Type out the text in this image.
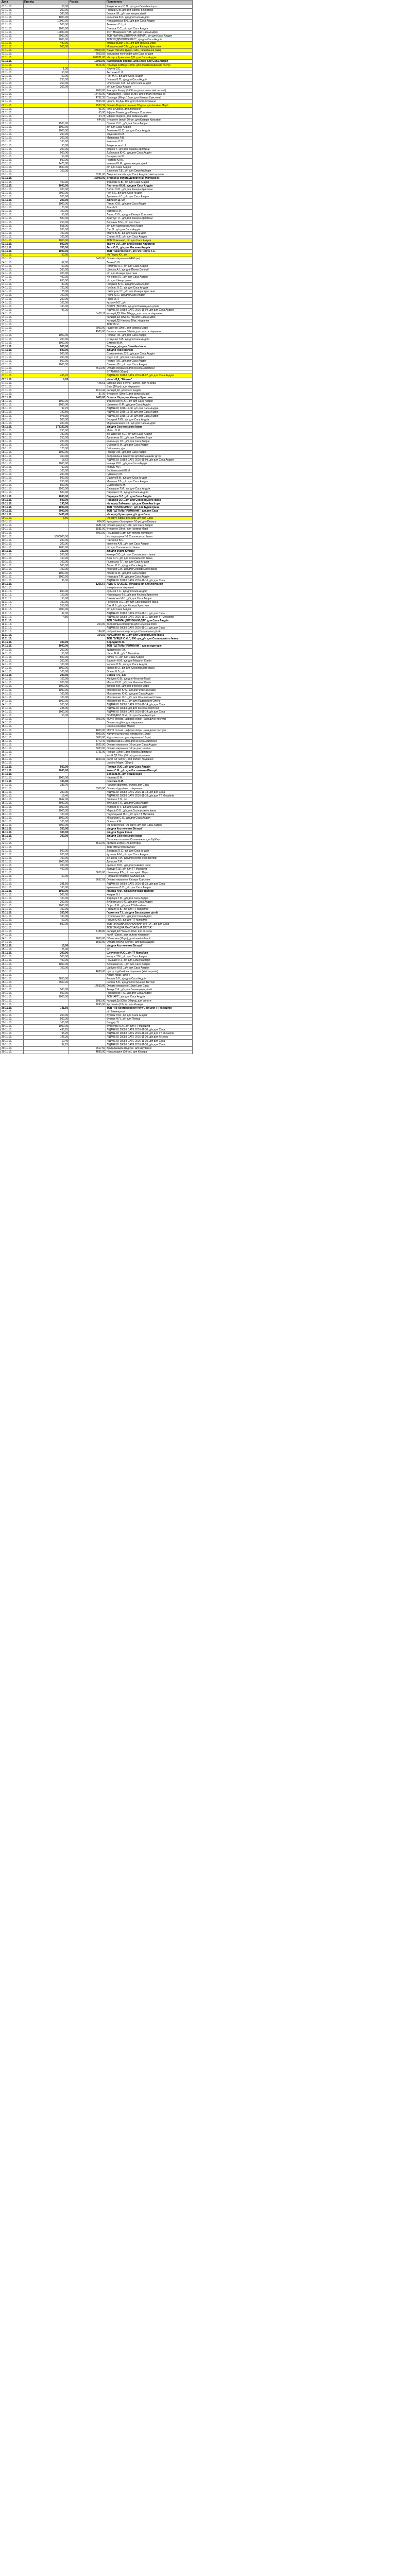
Дата	Прихід	Розхід	Пояснення
01.11.16.	50,00		Разумовська Ю.П., д/п для Семейка Ігоря
01.11.16.	200,00		Гавриш О.В. д/п для сирітки Бібліотеки
01.11.16.	300,00		Бевзюк І.В., д/п для хворих дітей
01.11.16.	4000,00		Копилова Ю.І., д/п для Саса Андрія
01.11.16.	10000,00		Недашківська В.Ф., д/п для Саса Андрія
01.11.16.	500,00		Ткаченко С.І., д/п
01.11.16.	1000,00		Смешок С.С., д/п для Саса Андрія
01.11.16.	10000,00		ФОП Назаренко Н.Н., д/п для Саса Андрія
01.11.16.	5000,00		ТОВ "ФАРМАЦЕВТИЧНА ФІРМА", д/п для Саса Андрія
01.11.16.	1000,00		ТОВ "БУДПРОМСЕРВІС", д/п для Саса Андрія
01.11.16.	490,00		Мокшанський С.М., д/п для Ізюміна Марії
01.11.16.	500,00		Мокшанський С.М., д/п для Кінзера Христини
01.11.16.		25500,00	Вакуні Наталія Дудос, ОАС, (придбання ліків)
01.11.16.		2020,02	кольорова поліграфія для Саса Андрія
01.11.16.		262021,00	ч/з карту Кузнєцова Д.В. для Саса Андрія
01.11.16.		10000,00	Карбоновий ковпак 10без ліків для Саса Андрія
01.11.16.		5515,00	Прилади 10Мінус 10грн, для оплати медичних послуг
01.11.16.	1,00		Ильчук О.С.
02.11.16.	50,00		Тесленко Н.Л.
02.11.16.	50,00		Пин М.Л., д/п для Саса Андрія
02.11.16.	250,00		Гладиш В.П., д/п для Саса Андрія
02.11.16.	250,00		Олексієнко Т.М., д/п для Саса Андрія
02.11.16.	200,00		д/п для Саса Андрія
02.11.16.		1600,00	Розподіл Фонду (1600грн для оплати хіміотерапії)
02.11.16.		14443,00	Нарада(грн), (Мінус 16грн, для оплати лікування)
02.11.16.		4732,35	Прилади (Мінус 10грн, для Кінзера Христини)
02.11.16.		5593,06	Ідеалс, 10 Дак 466, для оплати лікування
02.11.16.		2533,39	Оплата Водопостачання 3Одеса, для Ізюміна Марії
02.11.16.		95,00	Іхтіона Одеса, для лікування
02.11.16.		65,00	Ефірне Тимків, для Кінзера Христини
02.11.16.		44,78	Ефірне 3Одеса, для Ізюміна Марії
02.11.16.		644,05	Вторинне Ізюмін 10грн, для Кінзера Христини
02.11.16.	1500,00		Приват Ю.С., д/п для Саса Андрія
02.11.16.	1000,00		д/п для Саса Андрія
03.11.16.	1000,00		Левченко Ю.С., д/п для Саса Андрія
03.11.16.	200,00		Жданова Ю.М.
03.11.16.	200,00		Мірзанова Л.В.
03.11.16.	100,00		Кочетова О.С.
03.11.16.	50,00		Розумовська Н.І.
03.11.16.	200,00		Мар'ян Т., д/п для Кінзера Христини
03.11.16.	500,00		Дзбанська Ю.С., д/п для Саса Андрія
03.11.16.	50,00		Венидиктов Ю.
03.11.16.	500,00		Ростова Ю.Ю.
03.11.16.	1475,00		Іванова Ю.М., д/п на хворих дітей
03.11.16.	2500,00		д/п для Саса Андрія
03.11.16.	100,00		Власенко Т.В., д/п для Семейка Ігоря
03.11.16.		6321,00	Лікарські засоби для Саса Андрія (хіміотерапія)
03.11.16.		30000,00	Вторинна оплата Дивергенції (лікування)
03.11.16.	400,00		Федорків О.В., д/п для Саса Андрія
03.11.16.	1000,00		Ластенко Ю.М., д/п для Саса Андрія
03.11.16.	200,00		Лабзін Ю.В., д/п для Кінзера Христини
03.11.16.	2900,00		Рой Т.Д., д/п для Саса Андрія
03.11.16.	200,00		Демченко І.С., д/п для Саса Андрія
03.11.16.	200,00		д/п ч/з Р. Д. Ол
03.11.16.	1000,00		Пікуль Ю.Б., д/п для Саса Андрія
03.11.16.	20,00		Фриз М.І.
03.11.16.	100,00		Ікарова А.М.
03.11.16.	50,00		Ляшко Т.Ю., д/п для Кінзера Христини
03.11.16.	500,00		Дмитрук Т.І., д/п для Кінзера Христини
03.11.16.	250,00		Воронюк В.М., д/п для Саса
03.11.16.	558,00		д/п для Камінської Анна-Марія
03.11.16.	200,00		Сас О., д/п для Саса Андрія
03.11.16.	100,00		Міщук Ю.В., д/п для Саса Андрія
03.11.16.	100,00		Сливко Н.В., д/п для Саса Андрія
03.11.16.	1000,00		ТОВ "Компанія", д/п для Саса Андрія
03.11.16.	800,00		Ткачук О.Л., д/п для Кінзера Христини
03.11.16.	700,00		Тесл О.Л., д/п для Лисенка Андрія
03.11.16.	1000,00		ТОВ "Інвестсервіс", д/п ч/з Петрук Т.С.
03.11.16.	50,00		ч/з Пікуль Ю., д/п
03.11.16.		6400,00	Оплата лікування (6400грн)
04.11.16.	67,00		Левко О.Ю.
04.11.16.	50,00		Пилипюк О.І., д/п для Саса Андрія
04.11.16.	200,00		Шпорак А.І., д/п для Пелих Соломії
04.11.16.	200,00		д/п для Кінзера Христини
04.11.16.	400,00		Нечеріна Л.І., д/п для Саса Андрія
04.11.16.	650,00		д/п для Швець Ірини
04.11.16.	80,00		Рябушко Ю.С., д/п для Саса Андрія
04.11.16.	750,00		Гребель О.С., д/п для Саса Андрія
04.11.16.	25,00		Нікіфоров Т.Г., д/п для Кінзера Христини
04.11.16.	100,00		Чміль О.С., д/п для Саса Андрія
04.11.16.	250,00		Гарак О.Л.
04.11.16.	100,00		Кузьміч М.Г., д/п
04.11.16.	100,00		ЛОІЛЛІ (ВОЛЛО), д/п для Бахмацьких дітей
04.11.16.	97,25		ЛІДАЧЕ ID 20183 DATE 2016-11-04, д/п для Саса Андрія
04.11.16.		3+70,11	Кальцій ДЗ 10мг 10хруд, для оплати лікування
04.11.16.			Кальцій ДЗ 10мг, 50 грн для Саса Андрія
04.11.16.			Кальцій Д3 Нікомед 10мг, лікування
07.11.16.			ТОВ "Віта"
07.11.16.		2000,00	нааренко 10грн, для Ізюміна Марії
07.11.16.		4500,00	Водопостачання 10Київ для оплати лікування
07.11.16.	1000,00		Пелиця Т.В., д/п для Саса Андрія
07.11.16.	200,00		Стаценко Т.М., д/п для Саса Андрія
07.11.16.	1000,00		Ситенко В.М.
07.11.16.	500,00		Пелиця, д/п для Семейка Ігоря
07.11.16.	500,00		д/п для Трою Володі
07.11.16.	500,00		Скакальченко С.В., д/п для Саса Андрія
07.11.16.	200,00		Сідко К.Ф., д/п для Саса Андрія
07.11.16.	500,00		Ростик Т.Ю., д/п для Саса Андрія
07.11.16.	1000,00		Ситенко Л.І., д/п для Саса Андрія
07.11.16.		7510,96	Оплата лікування для Кінзера Христини
07.11.16.			ВІТАМІНИ (10грн)
07.11.16.	496,25		ЛІДАЧЕ ID 20183 DATE 2016-11-07, д/п для Саса Андрія
07.11.16.	8,93		д/п ч/з Р.Д. "Місько"
07.11.16.		448,51	Шприци 1мл, Інсулін (10грн), для Кінзера
07.11.16.			Вата (10грн), для лікування
07.11.16.		1510,42	Кальцій Д3, для Саса Андрія
07.11.16.		37,39	Вторинне (10грн), для Ізюміна Марії
07.11.16.		8400,00	Оплата 10грн для Кінзера Христини
08.11.16.	1000,00		Федоренко Ю.Ю., д/п для Саса Андрія
08.11.16.	1000,00		Шевченко О.М., д/п для Саса Андрія
08.11.16.	97,25		ЛІДАЧЕ ID 2016-11-08, д/п для Саса Андрія
08.11.16.	192,50		ЛІДАЧЕ ID 2016-11-08, д/п для Саса Андрія
08.11.16.	973,35		ЛІДАЧЕ ID 2016-11-08, д/п для Саса Андрія
08.11.16.	500,00		Бородай Л.Ю., д/п для Саса Андрія
08.11.16.	200,00		Мирошниченко О.І., д/п для Саса Андрія
08.11.16.	178100,00		д/п для Сосновського Івана
08.11.16.	250,00		Майко О.М.
08.11.16.	100,00		Бондаренко Т.С., д/п для Саса Андрія
08.11.16.	250,00		Данильчук О.І., д/п для Семейка Ігоря
08.11.16.	200,00		Ковальчук Т.В., д/п для Саса Андрія
08.11.16.	200,00		Смірнов О.М., д/п для Саса Андрія
08.11.16.	120,00		Гайдамака, д/п
08.11.16.	1000,00		Гончар О.В., д/п для Саса Андрія
08.11.16.	350,00		добровольна пожертва для Бахмацьких дітей
09.11.16.	18,62		ЛІДАЧЕ ID 20183 DATE 2016-11-09, д/п для Саса Андрія
09.11.16.	1000,00		Іванчук Л.Ю., д/п для Саса Андрія
09.11.16.	50,00		Коваль Н.П.
09.11.16.	100,00		Верблинський Ю.М.
09.11.16.	200,00		Гуменюк О.В.
09.11.16.	500,00		Сідорук В.В., д/п для Саса Андрія
09.11.16.	250,00		Мельник Т.В., д/п для Саса Андрія
09.11.16.	500,00		Смирнова Ю.М.
09.11.16.	1500,00		Сівадуров Т.М., д/п для Саса Андрія
09.11.16.	500,00		Нарядко С.Л., д/п для Саса Андрія
09.11.16.	1000,00		Парадюк О.Л., д/п для Саса Андрія
09.11.16.	500,00		Парадюк О.Л., д/п для Сосновського Івана
09.11.16.	193,00		ч/з карту Зайченко, д/п для Семейка Ігоря
09.11.16.	1000,00		ТОВ "ПРОМСЕРВІС", д/п для Буряк Ірини
09.11.16.	5000,00		ТОВ "ЦЕТАЛЬПРОМЛИНК", д/п для Саса
09.11.16.	8435,45		ч/з карту Кузнєцова, д/п для Саса
09.11.16.	8,50		ч/з карту ніфаєнвер.бліц, д/п для Саса
09.11.16.		664,00	Кумадиназ Уратерінол 10грн, для Кінзера
09.11.16.		2681,61	Оплата рахунку 10мг, для Саса Андрія
09.11.16.		1581,00	Вторинне 10грн, для Ізюміна Марії
09.11.16.		4000,00	Ремдезівір 10мг, для оплати лікування
10.11.16.	1000000,00		Ч/з на рахунок БФ Сосновського Івана
10.11.16.	200,00		Панченко В.С.
10.11.16.	200,00		Іваненко А.М., д/п для Саса Андрія
10.11.16.	1000,00		д/п для Сосновського Івана
10.11.16.	100,00		д/п для Буряк Юліани
10.11.16.	200,00		Кочкар О.О., д/п для Сосновського Івана
10.11.16.	150,00		Вовк С.П., д/п для Сосновського Івана
10.11.16.	100,00		Галевська Т.Г., д/п для Саса Андрія
10.11.16.	500,00		Лишко О.С., д/п для Саса Андрія
10.11.16.	100,00		Кожецев С.В., д/п для Сосновського Івана
10.11.16.	1000,00		Лісова О.М., д/п для Саса Андрія
10.11.16.	1000,00		Новицька Т.М., д/п для Саса Андрія
10.11.16.	96,00		ЛІДАЧЕ ID 20183 DATE 2016-11-10, д/п для Саса
10.11.16.		1266,57	ЛІДАЧЕ ID 20183, обладнання для лікування
10.11.16.			матеріали на лікуванні
11.11.16.	800,00		Кульчев Т.С., д/п для Саса Андрія
11.11.16.	150,00		Новохацька Т.Б., д/п для Кінзера Христини
11.11.16.	50,00		Сахнівська М.С., д/п для Саса Андрія
11.11.16.	100,00		Гребенюк О.С., д/п для Сосновського Івана
11.11.16.	250,00		Сак М.В., д/п для Кінзера Христини
11.11.16.	2000,00		д/п для Саса Андрія
11.11.16.	97,00		ЛІДАЧЕ ID 20183 DATE 2016-11-11, д/п для Саса
11.11.16.	4,86		ЛІДАЧЕ ID 28083 DATE 2016-11-11, д/п для ТТ Михайлів
11.11.16.			ТОВ "ФАРМАЦЕВТИЧНИЙ ДІМ" для Саса Андрія
11.11.16.		200,00	добровільна пожертва для Семейка Ігоря
11.11.16.			ЛІДАЧЕ ID 28083 DATE 2016-11-11, д/п для Саса
11.11.16.		194,00	добровільна пожертва для Бахмацьких дітей
11.11.16.		164,10	Кальцигунг Н.Л., д/п для Сосновського Івана
11.11.16.			ТОВ "Б'ЯЦЯ Ю.Ф.", 500 грн, д/п для Сосновського Івана
14.11.16.	300,00		Бородай Ю.О.
14.11.16.	1000,00		ТОВ "ЦЕТАЛЬПРОМЛИНК", д/п резиденцію
14.11.16.	200,00		Удовиченко Т.В.
14.11.16.	50,00		Шила М.М., д/п П.Михайлів
14.11.16.	500,00		Лилко Т.І., д/п для Саса Андрія
14.11.16.	200,00		Васюнін А.М., д/п для Макагон Юлиія
14.11.16.	100,00		Чернов О.В., д/п для Саса Андрія
14.11.16.	1000,00		Івасюк В.О., д/п для Сосновського Івана
14.11.16.	100,00		Олена Н.В., д/п
14.11.16.	200,00		Свірка Г.П., д/п
14.11.16.	100,00		Жабунін О.В., д/п для Фесенко Марії
14.11.16.	200,00		Мисюк Ю.Ю., д/п для Макагон Юлиія
14.11.16.	1000,00		Бринза В.В., д/п для Фесенко Марії
14.11.16.	1000,00		Москаленко Ю.С., д/п для Фесенко Марії
14.11.16.	100,00		Москаленко Ю.С., д/п для Саса Андрія
14.11.16.	100,00		Москаленко О.С., д/п для Ольшанської Ганни
14.11.16.	1000,00		Москаленко М.С., д/п для Падерского Олега
14.11.16.	200,00		ЛІДАЧЕ ID 28083 DATE 2016-11-14, д/п для Саса
14.11.16.	248,00		ЛІДАЧЕ ID 28083, д/п для Кінзера Христини
14.11.16.	1000,00		ЛІДАЧЕ ID 28083 DATE 2016-11-14, д/п для Саса
14.11.16.	50,00		ВОЛОДАНИ О.М., д/п для Семейка Ігоря
14.11.16.		2000,00	МОНТ оплата, цифрові збори на медичні послуги
14.11.16.			Оплата подібна для лікування
15.11.16.			Ізюміна (Ізюміна Марія)
15.11.16.		4000,00	МОНТ оплата, цифрові збори на медичні послуги
15.11.16.		4000,00	Хірургічна послуга, лікування (10грн)
15.11.16.		5600,00	Хірургічна послуга, лікування (10грн)
15.11.16.		3772,40	коротконімна 10грн для Кінзера Христини
15.11.16.		1022,00	Оплата лікування, 10грн для Саса Андрія
15.11.16.		3033,00	Оплата лікування, 10грн для Ізюміна
16.11.16.		6721,00	Розчин (10грн), для Кінзера Христини
16.11.16.			Калій ДЗ 10мг (10грн) для лікування
16.11.16.		1823,32	Калій ДЗ (10грн), для оплати лікування
16.11.16.			Ізюміна Марія, (10грн)
17.11.16.	500,00		Пелиця О.Ю., д/п для Саса Андрія
17.11.16.	2000,00		Козак С.М., д/п для Костюченко Вікторії
17.11.16.			Брова В.Ф., д/п резиденцію
17.11.16.	1000,00		Наскова О.М.
17.11.16.	100,00		Носкова О.М.
17.11.16.	383,70		Рахунок-фактура, оплата для Саса
17.11.16.		6300,00	Оплата хірургічного лікування
18.11.16.	200,00		ЛІДАЧЕ ID 28083 DATE 2016-11-18, д/п для Саса
18.11.16.	19,45		ЛІДАЧЕ ID 28083 DATE 2016-11-18, д/п для ТТ Михайлів
18.11.16.	2862,00		Овсієнко Т.Л., д/п
18.11.16.	3090,00		Білецька Т.О., д/п для Саса Андрія
18.11.16.	2000,00		Кулаков В.Т., д/п для Саса Андрія
18.11.16.	1000,00		Марков О.О., д/п для Сосновського Івана
18.11.16.	100,00		Підлісецький П.О., д/п для ТТ Михайлів
18.11.16.	1000,00		Михайлов С.О., д/п для Саса Андрія
18.11.16.	100,00		Олешко К.М.
18.11.16.	5000,00		ч/з Берестечко, ч/з карту, д/п для Саса Андрія
18.11.16.	200,00		д/п для Костюченко Вікторії
18.11.16.	300,00		д/п для Буряк Ірини
18.11.16.	300,00		д/п для Сосновського Івана
18.11.16.			Погашено оплатою Сальмонели для Бубберо
22.11.16.		3519,00	Критика 10грн (17Інвестора)
22.11.16.			ТОВ "ІНТЕРПОСТАВКА"
22.11.16.	500,00		Домарад О.С., д/п для Саса Андрія
22.11.16.	200,00		Кузьмук А.М., д/п для Саса Андрія
22.11.16.	100,00		Денисюк Т.М., д/п для Костюченко Вікторії
22.11.16.	1000,00		Денисюк Т.М.
22.11.16.	200,00		Крисько В.Ю., д/п для Семейка Ігоря
22.11.16.	400,00		Завада Т.Ш., д/п для ТТ Михайлів
22.11.16.		3630,00	Шнеківець Р.Б., д/п на сервіс 10грн
23.11.16.	50,00		Погашено оплатою Сальмонели
23.11.16.		3637,69	Оплата лікування, Кінзера Христини
23.11.16.	291,50		ЛІДАЧЕ ID 28083 DATE 2016-11-23, д/п для Саса
23.11.16.	100,00		Кривошея Л.Ю., д/п для Саса Андрія
23.11.16.	1000,00		Кривда Н.Ф., д/п Костюченко Вікторії
23.11.16.	500,00		Ховрах О.І.
23.11.16.	100,00		Фарбера Т.М., д/п для Саса Андрія
23.11.16.	200,00		Дубровська О.О., д/п для Саса Андрія
23.11.16.	1000,00		Огірко Т.М., д/п для ТТ Михайлів
23.11.16.	100,00		Гавриля О.Б., д/п для ТТ Михайлів
23.11.16.	200,00		Гарматюк Т.І., д/п для Бахмацьких дітей
23.11.16.	100,00		Глуховська О.Л., д/п для Саса Андрія
23.11.16.	50,00		Гонько О.Ю., д/п для ТТ Михайлів
23.11.16.	500,00		ТОВ "ЗАХІДНА ПАКУВАЛЬНА ГРУПА", д/п для Саса
23.11.16.			ТОВ "ЗАХІДНА ПАКУВАЛЬНА ГРУПА"
24.11.16.		8188,80	Кальцій ДЗ Нікомед 10мг, для Кінзера
24.11.16.			Калій (10грн), для оплати лікування
24.11.16.		7600,00	Бібліотека (10грн), для Ізюміна Марії
24.11.16.		1553,00	Оплата послуг, (10грн), для Бахмацьких
25.11.16.	15,00		д/п для Костюченко Вікторії
25.11.16.	25,00		д/п
25.11.16.	200,00		Шевченко Н.Ю., д/п ТТ Михайлів
25.11.16.	500,00		Кордюк Т.М., д/п для Саса Андрія
25.11.16.	400,00		Ромашко П.І., д/п для Семейка Ігоря
25.11.16.	4000,00		Вороненко А.І., д/п для Саса Андрія
25.11.16.	100,00		Шабунін Ю.В., д/п для Саса Андрія
25.11.16.		4688,00	Центр подібний на лікування (хіміотерапія)
25.11.16.			Новий лікар (10грн)
28.11.16.	9850,00		Ростов В.В., д/п для Саса Андрія
28.11.16.	2500,00		Ростов В.В., д/п для Костюченко Вікторії
28.11.16.		17650,00	Оплата лікування (10грн) для Саса
29.11.16.	500,00		Ткачук Т.Ф., д/п для Бахмацьких дітей
29.11.16.	600,00		Гончаренко Т.О., д/п для Саса Андрія
29.11.16.	1000,00		ТОВ "АРТ", д/п для Саса Андрія
29.11.16.		1093,00	Кальцій Дз 500мг 10хруд, для оплати
29.11.16.		1695,00	Ерготамін (10грн), для Кінзера
30.11.16.	731,50		ТОВ "FB Контролінвест груп", д/п для ТТ Михайлів
30.11.16.			д/п Бахмацьких
30.11.16.	200,00		Бурмак Л.М., д/п для Саса Андрія
30.11.16.	500,00		Бурмак Н.П., д/п для Пелиці
30.11.16.	100,00		Бондар Т.І.
30.11.16.	1000,00		Бурбелюк О.Л., д/п для ТТ Михайлів
30.11.16.	496,25		ЛІДАЧЕ ID 28083 DATE 2016-11-30, д/п для Саса
30.11.16.	96,25		ЛІДАЧЕ ID 28083 DATE 2016-11-30, д/п для ТТ Михайлів
30.11.16.	146,25		ЛІДАЧЕ ID 28083 DATE 2016-11-30, д/п для Кінзера
30.11.16.	19,45		ЛІДАЧЕ ID 28083 DATE 2016-11-30, д/п для Саса
30.11.16.	97,25		ЛІДАЧЕ ID 28083 DATE 2016-11-30, д/п для Саса
30.11.16.		2517,50	Брутальнадсь медичні, для лікування
30.11.16.		4896,00	Нова лікарня (10грн), для Кінзера
